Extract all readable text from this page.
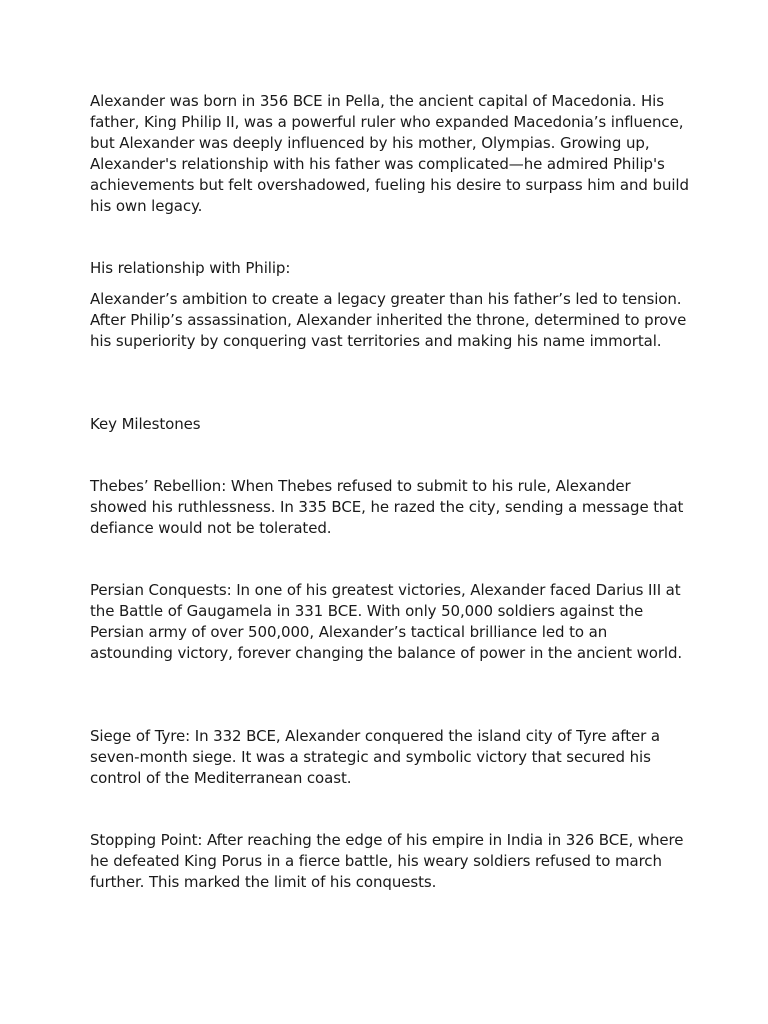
Alexander was born in 356 BCE in Pella, the ancient capital of Macedonia. His father, King Philip II, was a powerful ruler who expanded Macedonia’s influence, but Alexander was deeply influenced by his mother, Olympias. Growing up, Alexander's relationship with his father was complicated—he admired Philip's achievements but felt overshadowed, fueling his desire to surpass him and build his own legacy.

His relationship with Philip:

Alexander’s ambition to create a legacy greater than his father’s led to tension. After Philip’s assassination, Alexander inherited the throne, determined to prove his superiority by conquering vast territories and making his name immortal.

Key Milestones

Thebes’ Rebellion: When Thebes refused to submit to his rule, Alexander showed his ruthlessness. In 335 BCE, he razed the city, sending a message that defiance would not be tolerated.

Persian Conquests: In one of his greatest victories, Alexander faced Darius III at the Battle of Gaugamela in 331 BCE. With only 50,000 soldiers against the Persian army of over 500,000, Alexander’s tactical brilliance led to an astounding victory, forever changing the balance of power in the ancient world.

Siege of Tyre: In 332 BCE, Alexander conquered the island city of Tyre after a seven-month siege. It was a strategic and symbolic victory that secured his control of the Mediterranean coast.

Stopping Point: After reaching the edge of his empire in India in 326 BCE, where he defeated King Porus in a fierce battle, his weary soldiers refused to march further. This marked the limit of his conquests.
